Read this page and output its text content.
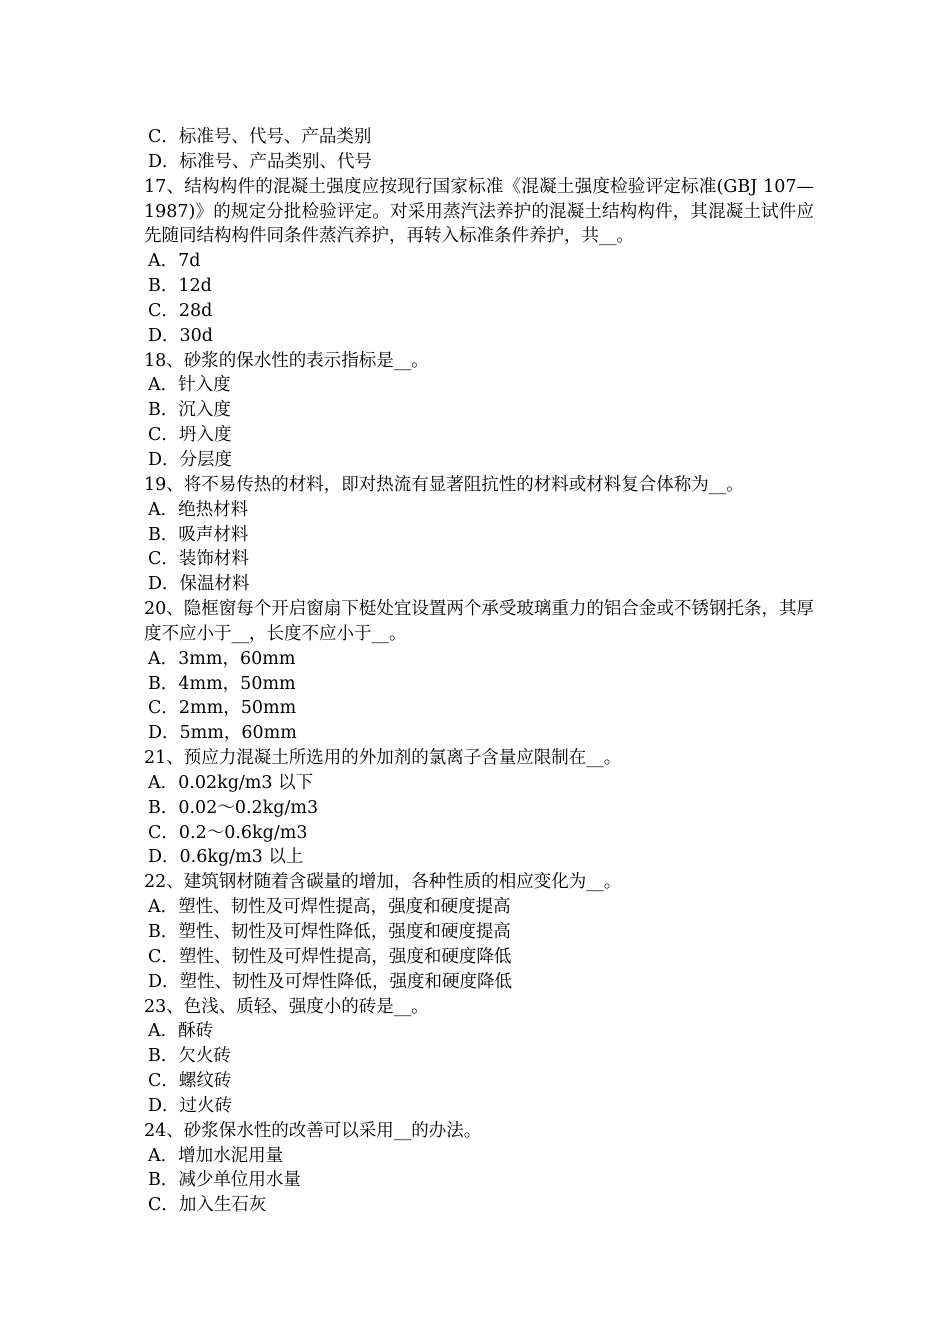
C．标准号、代号、产品类别
D．标准号、产品类别、代号
17、结构构件的混凝土强度应按现行国家标准《混凝土强度检验评定标准(GBJ 107—1987)》的规定分批检验评定。对采用蒸汽法养护的混凝土结构构件，其混凝土试件应先随同结构构件同条件蒸汽养护，再转入标准条件养护，共__。
A．7d
B．12d
C．28d
D．30d
18、砂浆的保水性的表示指标是__。
A．针入度
B．沉入度
C．坍入度
D．分层度
19、将不易传热的材料，即对热流有显著阻抗性的材料或材料复合体称为__。
A．绝热材料
B．吸声材料
C．装饰材料
D．保温材料
20、隐框窗每个开启窗扇下梃处宜设置两个承受玻璃重力的铝合金或不锈钢托条，其厚度不应小于__，长度不应小于__。
A．3mm，60mm
B．4mm，50mm
C．2mm，50mm
D．5mm，60mm
21、预应力混凝土所选用的外加剂的氯离子含量应限制在__。
A．0.02kg/m3 以下
B．0.02～0.2kg/m3
C．0.2～0.6kg/m3
D．0.6kg/m3 以上
22、建筑钢材随着含碳量的增加，各种性质的相应变化为__。
A．塑性、韧性及可焊性提高，强度和硬度提高
B．塑性、韧性及可焊性降低，强度和硬度提高
C．塑性、韧性及可焊性提高，强度和硬度降低
D．塑性、韧性及可焊性降低，强度和硬度降低
23、色浅、质轻、强度小的砖是__。
A．酥砖
B．欠火砖
C．螺纹砖
D．过火砖
24、砂浆保水性的改善可以采用__的办法。
A．增加水泥用量
B．减少单位用水量
C．加入生石灰
